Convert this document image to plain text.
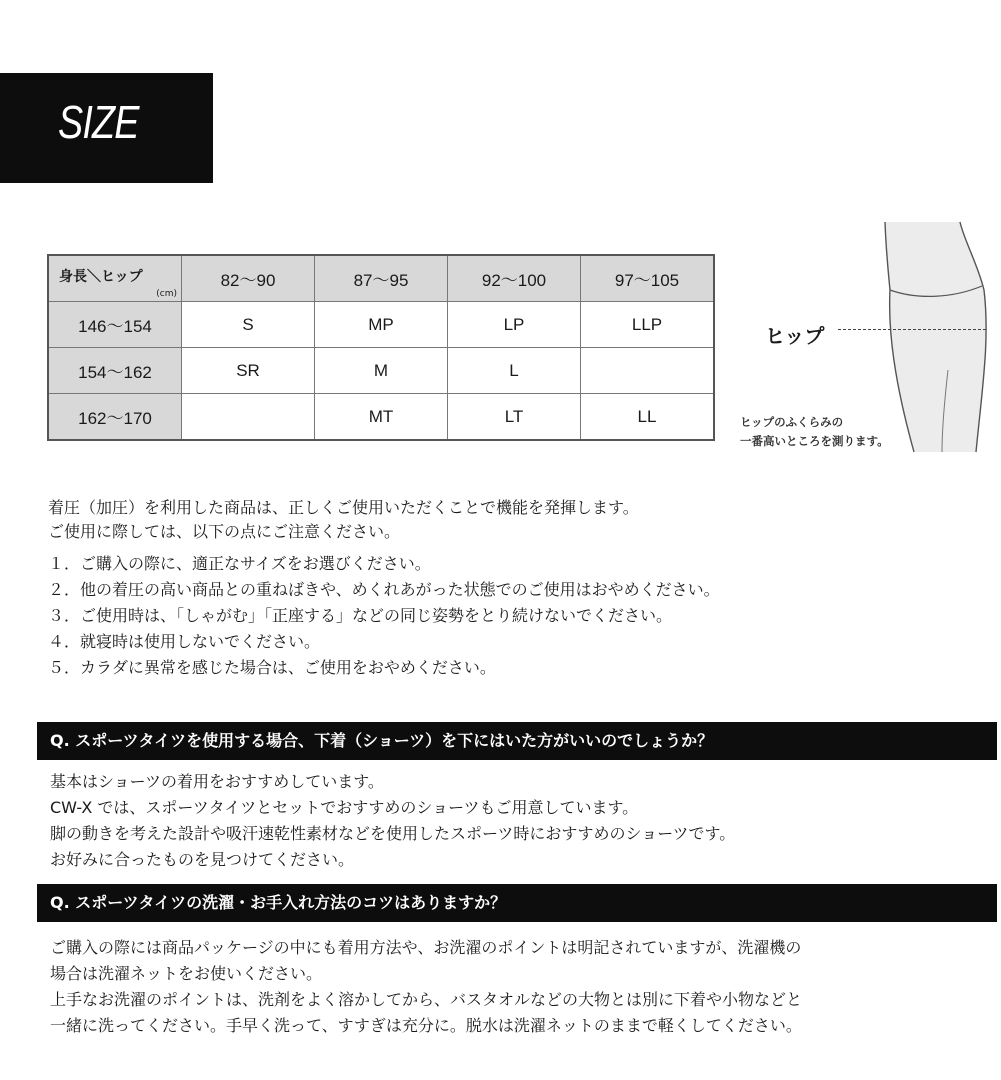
SIZE
身長＼ヒップ
(cm)	82〜90	87〜95	92〜100	97〜105
146〜154	S	MP	LP	LLP
154〜162	SR	M	L	
162〜170		MT	LT	LL
ヒップ
ヒップのふくらみの
一番高いところを測ります。

着圧（加圧）を利用した商品は、正しくご使用いただくことで機能を発揮します。

ご使用に際しては、以下の点にご注意ください。

１．ご購入の際に、適正なサイズをお選びください。
２．他の着圧の高い商品との重ねばきや、めくれあがった状態でのご使用はおやめください。
３．ご使用時は、「しゃがむ」「正座する」などの同じ姿勢をとり続けないでください。
４．就寝時は使用しないでください。
５．カラダに異常を感じた場合は、ご使用をおやめください。
Q. スポーツタイツを使用する場合、下着（ショーツ）を下にはいた方がいいのでしょうか？

基本はショーツの着用をおすすめしています。

CW-X では、スポーツタイツとセットでおすすめのショーツもご用意しています。

脚の動きを考えた設計や吸汗速乾性素材などを使用したスポーツ時におすすめのショーツです。

お好みに合ったものを見つけてください。

Q. スポーツタイツの洗濯・お手入れ方法のコツはありますか？

ご購入の際には商品パッケージの中にも着用方法や、お洗濯のポイントは明記されていますが、洗濯機の

場合は洗濯ネットをお使いください。

上手なお洗濯のポイントは、洗剤をよく溶かしてから、バスタオルなどの大物とは別に下着や小物などと

一緒に洗ってください。手早く洗って、すすぎは充分に。脱水は洗濯ネットのままで軽くしてください。
